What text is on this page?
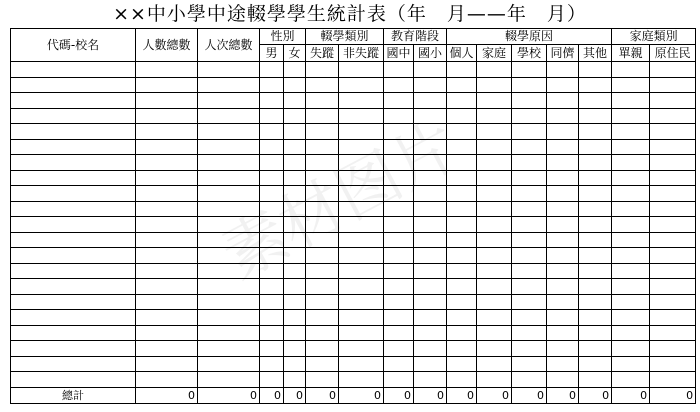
××中小學中途輟學學生統計表（年　月——年　月）
素材图片
代碼-校名	人數總數	人次總數	性別		輟學類別		教育階段		輟學原因					家庭類別	
			男	女	失蹤	非失蹤	國中	國小	個人	家庭	學校	同儕	其他	單親	原住民

總計	0	0	0	0	0	0	0	0	0	0	0	0	0	0	0
